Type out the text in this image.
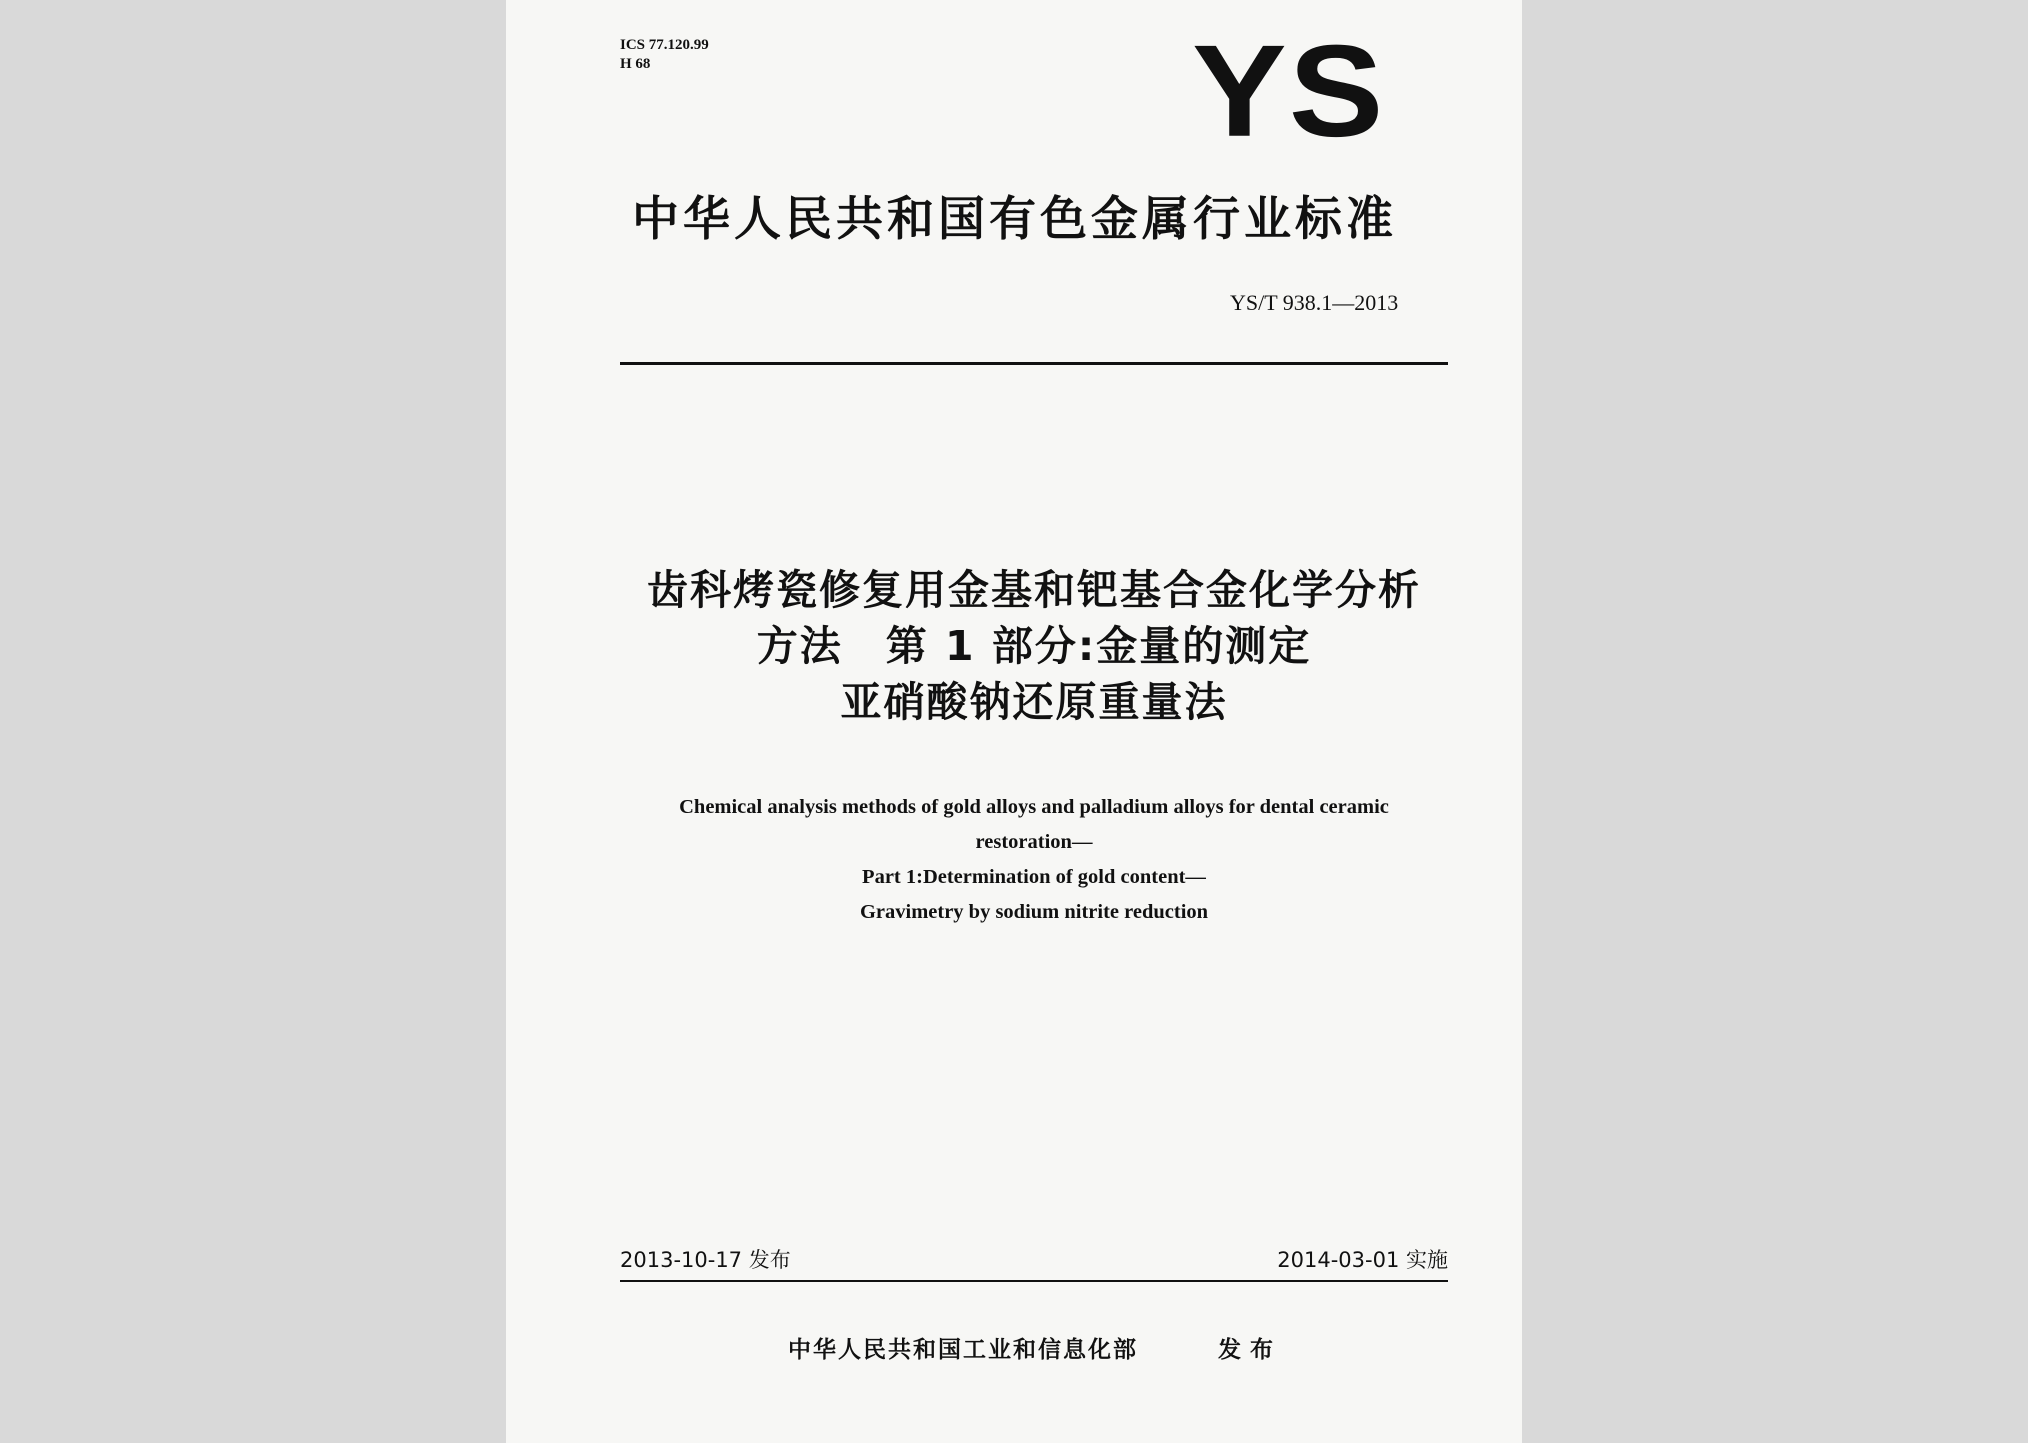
ICS 77.120.99
H 68	YS
中华人民共和国有色金属行业标准
YS/T 938.1—2013
齿科烤瓷修复用金基和钯基合金化学分析
方法　第 1 部分:金量的测定
亚硝酸钠还原重量法
Chemical analysis methods of gold alloys and palladium alloys for dental ceramic
restoration—
Part 1:Determination of gold content—
Gravimetry by sodium nitrite reduction
2013-10-17 发布	2014-03-01 实施
中华人民共和国工业和信息化部	发布
